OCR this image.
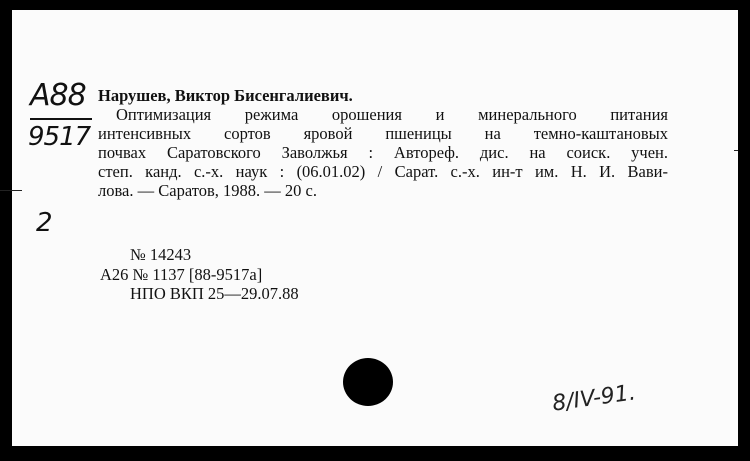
А88
9517
2
Нарушев, Виктор Бисенгалиевич.
Оптимизация режима орошения и минерального питания
интенсивных сортов яровой пшеницы на темно-каштановых
почвах Саратовского Заволжья : Автореф. дис. на соиск. учен.
степ. канд. с.-х. наук : (06.01.02) / Сарат. с.-х. ин-т им. Н. И. Вави-
лова. — Саратов, 1988. — 20 с.
№ 14243
А26 № 1137 [88-9517а]
НПО ВКП 25—29.07.88
8/IV-91.
